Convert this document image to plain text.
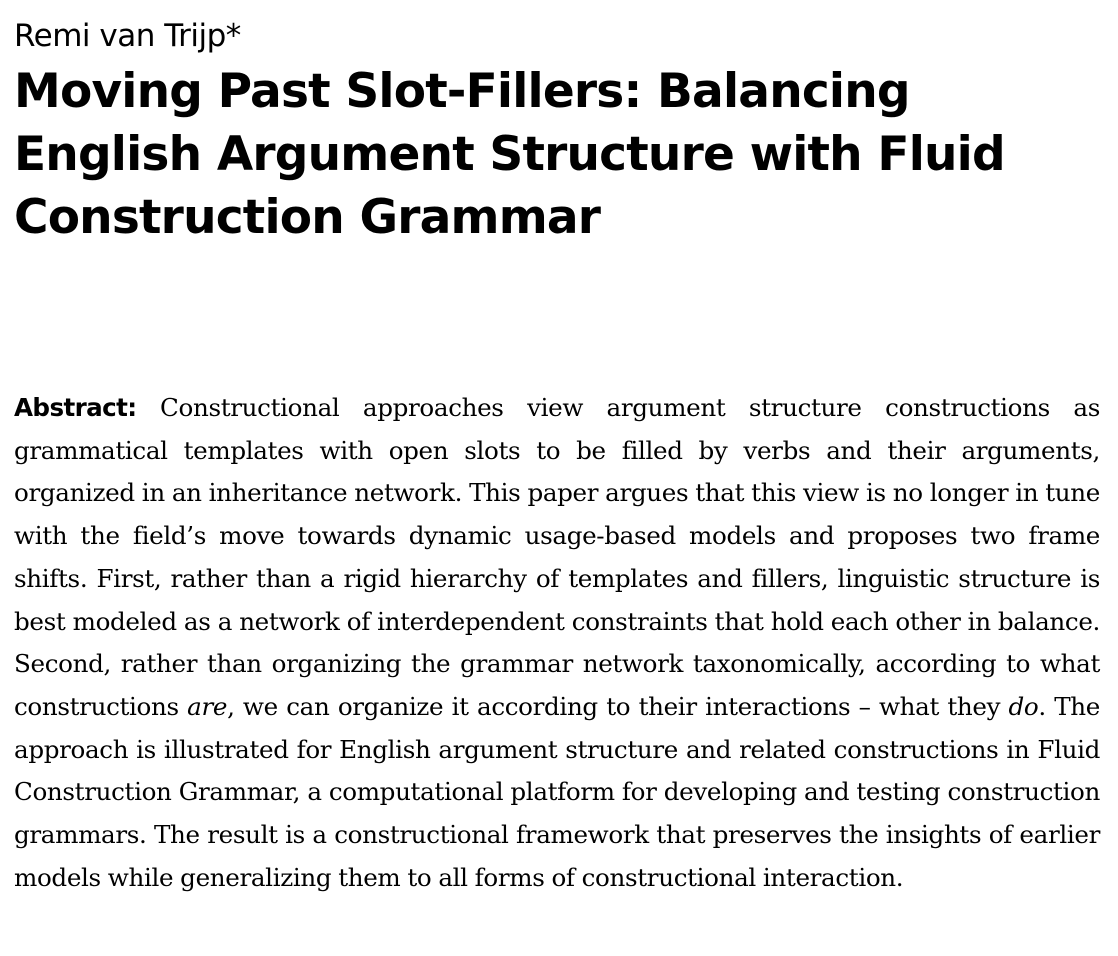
Remi van Trijp*
Moving Past Slot-Fillers: Balancing English Argument Structure with Fluid Construction Grammar

Abstract: Constructional approaches view argument structure constructions as grammatical templates with open slots to be filled by verbs and their arguments, organized in an inheritance network. This paper argues that this view is no longer in tune with the field’s move towards dynamic usage-based models and proposes two frame shifts. First, rather than a rigid hierarchy of templates and fillers, linguistic structure is best modeled as a network of interdependent constraints that hold each other in balance. Second, rather than organizing the grammar network taxonomically, according to what constructions are, we can organize it according to their interactions – what they do. The approach is illustrated for English argument structure and related constructions in Fluid Construction Grammar, a computational platform for developing and testing construction grammars. The result is a constructional framework that preserves the insights of earlier models while generalizing them to all forms of constructional interaction.
